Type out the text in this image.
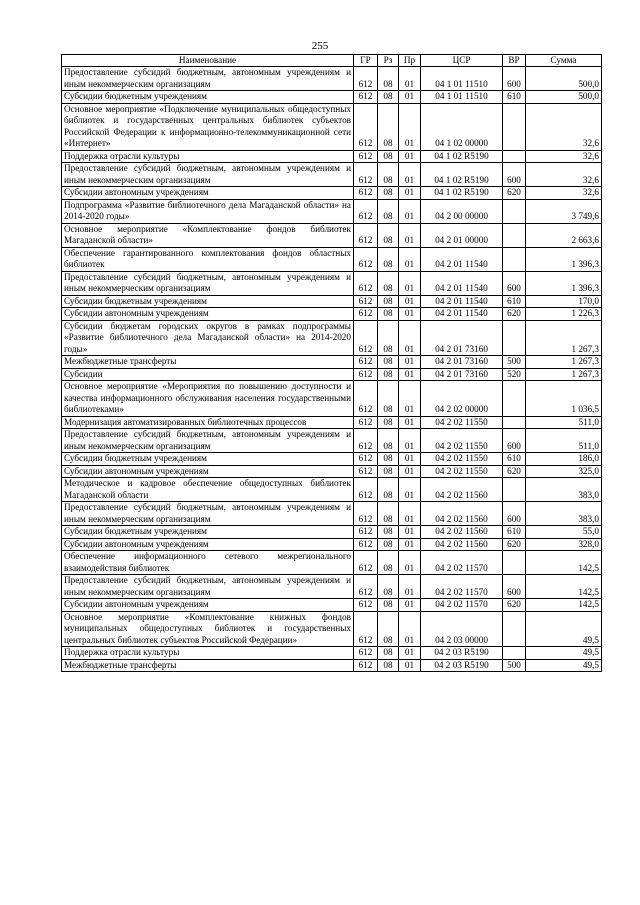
255
Наименование	ГР	Рз	Пр	ЦСР	ВР	Сумма
Предоставление субсидий бюджетным, автономным учреждениям и иным некоммерческим организациям	612	08	01	04 1 01 11510	600	500,0
Субсидии бюджетным учреждениям	612	08	01	04 1 01 11510	610	500,0
Основное мероприятие «Подключение муниципальных общедоступных библиотек и государственных центральных библиотек субъектов Российской Федерации к информационно-телекоммуникационной сети «Интернет»	612	08	01	04 1 02 00000		32,6
Поддержка отрасли культуры	612	08	01	04 1 02 R5190		32,6
Предоставление субсидий бюджетным, автономным учреждениям и иным некоммерческим организациям	612	08	01	04 1 02 R5190	600	32,6
Субсидии автономным учреждениям	612	08	01	04 1 02 R5190	620	32,6
Подпрограмма «Развитие библиотечного дела Магаданской области» на 2014-2020 годы»	612	08	01	04 2 00 00000		3 749,6
Основное мероприятие «Комплектование фондов библиотек Магаданской области»	612	08	01	04 2 01 00000		2 663,6
Обеспечение гарантированного комплектования фондов областных библиотек	612	08	01	04 2 01 11540		1 396,3
Предоставление субсидий бюджетным, автономным учреждениям и иным некоммерческим организациям	612	08	01	04 2 01 11540	600	1 396,3
Субсидии бюджетным учреждениям	612	08	01	04 2 01 11540	610	170,0
Субсидии автономным учреждениям	612	08	01	04 2 01 11540	620	1 226,3
Субсидии бюджетам городских округов в рамках подпрограммы «Развитие библиотечного дела Магаданской области» на 2014-2020 годы»	612	08	01	04 2 01 73160		1 267,3
Межбюджетные трансферты	612	08	01	04 2 01 73160	500	1 267,3
Субсидии	612	08	01	04 2 01 73160	520	1 267,3
Основное мероприятие «Мероприятия по повышению доступности и качества информационного обслуживания населения государственными библиотеками»	612	08	01	04 2 02 00000		1 036,5
Модернизация автоматизированных библиотечных процессов	612	08	01	04 2 02 11550		511,0
Предоставление субсидий бюджетным, автономным учреждениям и иным некоммерческим организациям	612	08	01	04 2 02 11550	600	511,0
Субсидии бюджетным учреждениям	612	08	01	04 2 02 11550	610	186,0
Субсидии автономным учреждениям	612	08	01	04 2 02 11550	620	325,0
Методическое и кадровое обеспечение общедоступных библиотек Магаданской области	612	08	01	04 2 02 11560		383,0
Предоставление субсидий бюджетным, автономным учреждениям и иным некоммерческим организациям	612	08	01	04 2 02 11560	600	383,0
Субсидии бюджетным учреждениям	612	08	01	04 2 02 11560	610	55,0
Субсидии автономным учреждениям	612	08	01	04 2 02 11560	620	328,0
Обеспечение информационного сетевого межрегионального взаимодействия библиотек	612	08	01	04 2 02 11570		142,5
Предоставление субсидий бюджетным, автономным учреждениям и иным некоммерческим организациям	612	08	01	04 2 02 11570	600	142,5
Субсидии автономным учреждениям	612	08	01	04 2 02 11570	620	142,5
Основное мероприятие «Комплектование книжных фондов муниципальных общедоступных библиотек и государственных центральных библиотек субъектов Российской Федерации»	612	08	01	04 2 03 00000		49,5
Поддержка отрасли культуры	612	08	01	04 2 03 R5190		49,5
Межбюджетные трансферты	612	08	01	04 2 03 R5190	500	49,5
